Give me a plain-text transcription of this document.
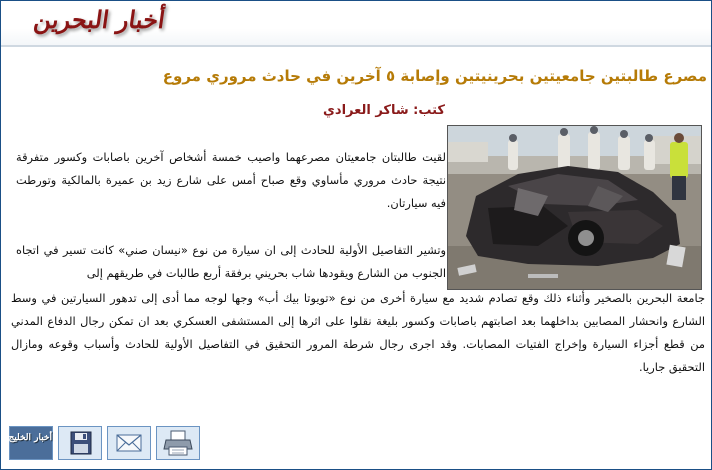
أخبار البحرين
مصرع طالبتين جامعيتين بحرينيتين وإصابة ٥ آخرين في حادث مروري مروع
كتب: شاكر العرادي

لقيت طالبتان جامعيتان مصرعهما واصيب خمسة أشخاص آخرين باصابات وكسور متفرقة نتيجة حادث مروري مأساوي وقع صباح أمس على شارع زيد بن عميرة بالمالكية وتورطت فيه سيارتان.

وتشير التفاصيل الأولية للحادث إلى ان سيارة من نوع «نيسان صني» كانت تسير في اتجاه الجنوب من الشارع ويقودها شاب بحريني برفقة أربع طالبات في طريقهم إلى

جامعة البحرين بالصخير وأثناء ذلك وقع تصادم شديد مع سيارة أخرى من نوع «تويوتا بيك أب» وجها لوجه مما أدى إلى تدهور السيارتين في وسط الشارع وانحشار المصابين بداخلهما بعد اصابتهم باصابات وكسور بليغة نقلوا على اثرها إلى المستشفى العسكري بعد ان تمكن رجال الدفاع المدني من قطع أجزاء السيارة وإخراج الفتيات المصابات. وقد اجرى رجال شرطة المرور التحقيق في التفاصيل الأولية للحادث وأسباب وقوعه ومازال التحقيق جاريا.

أخبار الخليج
